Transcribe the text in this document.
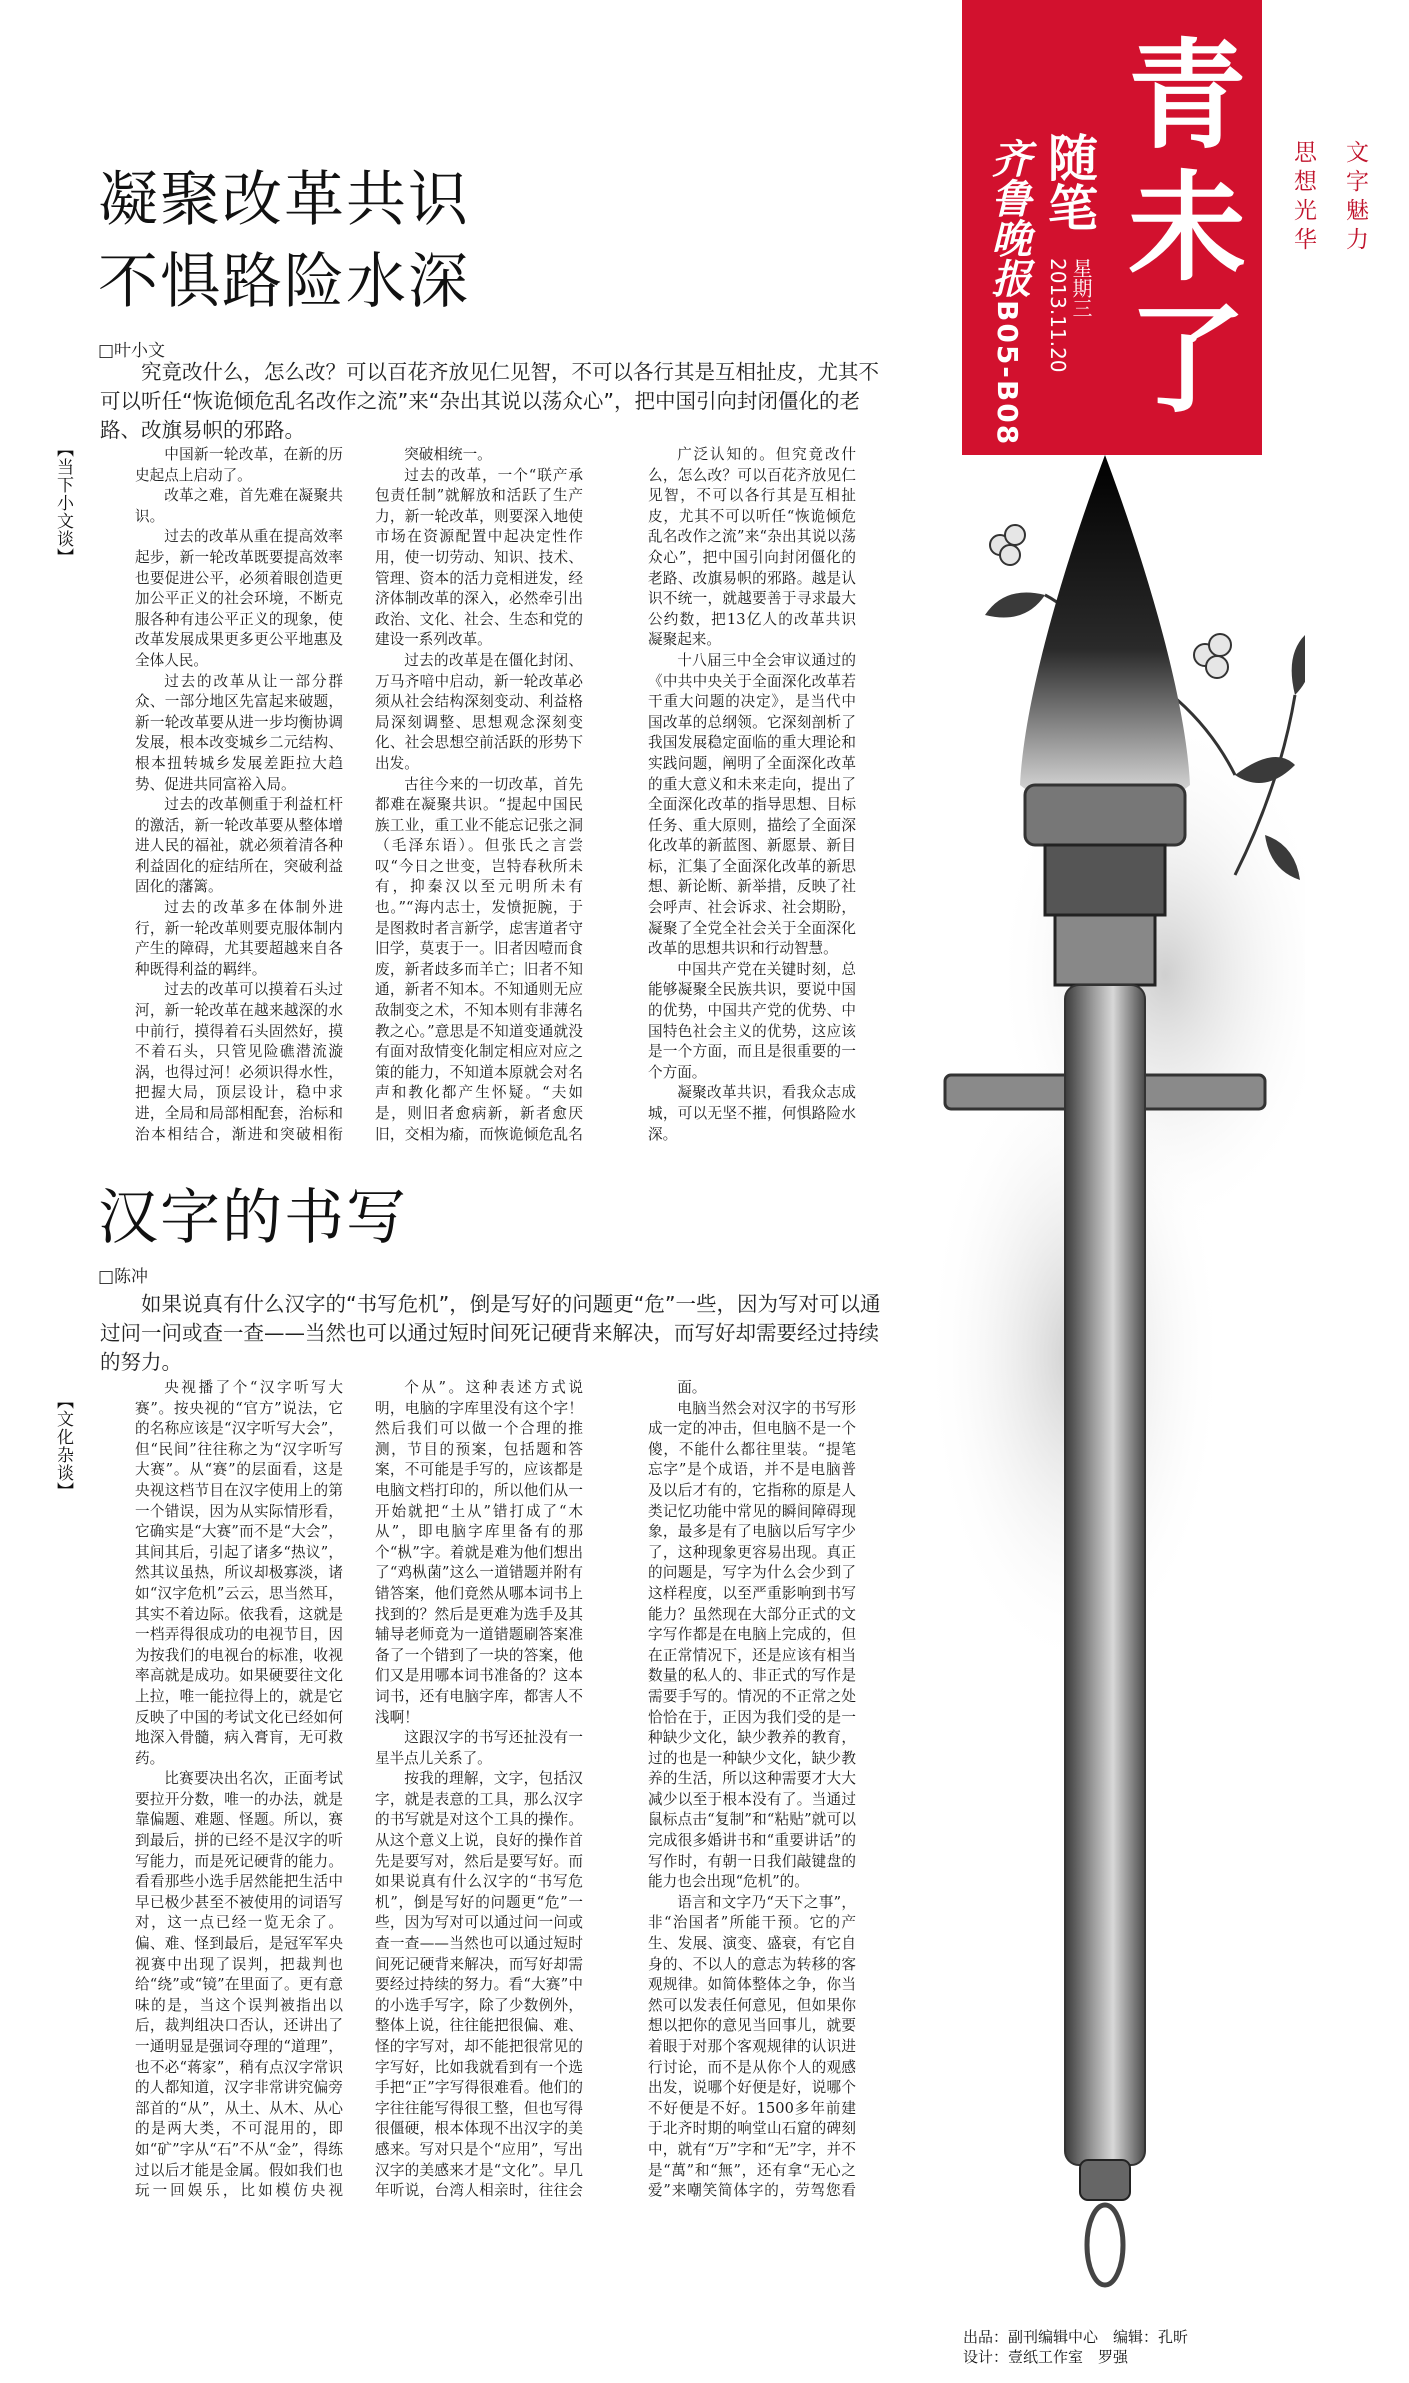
齐鲁晚报
B05-B08
随笔
星期三
2013.11.20
青未了
思想光华 文字魅力
凝聚改革共识
不惧路险水深
□叶小文
究竟改什么，怎么改？可以百花齐放见仁见智，不可以各行其是互相扯皮，尤其不可以听任“恢诡倾危乱名改作之流”来“杂出其说以荡众心”，把中国引向封闭僵化的老路、改旗易帜的邪路。
【当下小文谈】	中国新一轮改革，在新的历史起点上启动了。

改革之难，首先难在凝聚共识。

过去的改革从重在提高效率起步，新一轮改革既要提高效率也要促进公平，必须着眼创造更加公平正义的社会环境，不断克服各种有违公平正义的现象，使改革发展成果更多更公平地惠及全体人民。

过去的改革从让一部分群众、一部分地区先富起来破题，新一轮改革要从进一步均衡协调发展，根本改变城乡二元结构、根本扭转城乡发展差距拉大趋势、促进共同富裕入局。

过去的改革侧重于利益杠杆的激活，新一轮改革要从整体增进人民的福祉，就必须着清各种利益固化的症结所在，突破利益固化的藩篱。

过去的改革多在体制外进行，新一轮改革则要克服体制内产生的障碍，尤其要超越来自各种既得利益的羁绊。

过去的改革可以摸着石头过河，新一轮改革在越来越深的水中前行，摸得着石头固然好，摸不着石头，只管见险礁潜流漩涡，也得过河！必须识得水性，把握大局，顶层设计，稳中求进，全局和局部相配套，治标和治本相结合，渐进和突破相衔

突破相统一。

过去的改革，一个“联产承包责任制”就解放和活跃了生产力，新一轮改革，则要深入地使市场在资源配置中起决定性作用，使一切劳动、知识、技术、管理、资本的活力竞相迸发，经济体制改革的深入，必然牵引出政治、文化、社会、生态和党的建设一系列改革。

过去的改革是在僵化封闭、万马齐喑中启动，新一轮改革必须从社会结构深刻变动、利益格局深刻调整、思想观念深刻变化、社会思想空前活跃的形势下出发。

古往今来的一切改革，首先都难在凝聚共识。“提起中国民族工业，重工业不能忘记张之洞（毛泽东语）。但张氏之言尝叹“今日之世变，岂特春秋所未有，抑秦汉以至元明所未有也。”“海内志士，发愤扼腕，于是图救时者言新学，虑害道者守旧学，莫衷于一。旧者因噎而食废，新者歧多而羊亡；旧者不知通，新者不知本。不知通则无应敌制变之术，不知本则有非薄名教之心。”意思是不知道变通就没有面对敌情变化制定相应对应之策的能力，不知道本原就会对名声和教化都产生怀疑。“夫如是，则旧者愈病新，新者愈厌旧，交相为瘉，而恢诡倾危乱名

广泛认知的。但究竟改什么，怎么改？可以百花齐放见仁见智，不可以各行其是互相扯皮，尤其不可以听任“恢诡倾危乱名改作之流”来“杂出其说以荡众心”，把中国引向封闭僵化的老路、改旗易帜的邪路。越是认识不统一，就越要善于寻求最大公约数，把13亿人的改革共识凝聚起来。

十八届三中全会审议通过的《中共中央关于全面深化改革若干重大问题的决定》，是当代中国改革的总纲领。它深刻剖析了我国发展稳定面临的重大理论和实践问题，阐明了全面深化改革的重大意义和未来走向，提出了全面深化改革的指导思想、目标任务、重大原则，描绘了全面深化改革的新蓝图、新愿景、新目标，汇集了全面深化改革的新思想、新论断、新举措，反映了社会呼声、社会诉求、社会期盼，凝聚了全党全社会关于全面深化改革的思想共识和行动智慧。

中国共产党在关键时刻，总能够凝聚全民族共识，要说中国的优势，中国共产党的优势、中国特色社会主义的优势，这应该是一个方面，而且是很重要的一个方面。

凝聚改革共识，看我众志成城，可以无坚不摧，何惧路险水深。

汉字的书写
□陈冲
如果说真有什么汉字的“书写危机”，倒是写好的问题更“危”一些，因为写对可以通过问一问或查一查——当然也可以通过短时间死记硬背来解决，而写好却需要经过持续的努力。
【文化杂谈】

央视播了个“汉字听写大赛”。按央视的“官方”说法，它的名称应该是“汉字听写大会”，但“民间”往往称之为“汉字听写大赛”。从“赛”的层面看，这是央视这档节目在汉字使用上的第一个错误，因为从实际情形看，它确实是“大赛”而不是“大会”，其间其后，引起了诸多“热议”，然其议虽热，所议却极寡淡，诸如“汉字危机”云云，思当然耳，其实不着边际。依我看，这就是一档弄得很成功的电视节目，因为按我们的电视台的标准，收视率高就是成功。如果硬要往文化上拉，唯一能拉得上的，就是它反映了中国的考试文化已经如何地深入骨髓，病入膏肓，无可救药。

比赛要决出名次，正面考试要拉开分数，唯一的办法，就是靠偏题、难题、怪题。所以，赛到最后，拼的已经不是汉字的听写能力，而是死记硬背的能力。看看那些小选手居然能把生活中早已极少甚至不被使用的词语写对，这一点已经一览无余了。偏、难、怪到最后，是冠军军央视赛中出现了误判，把裁判也给“绕”或“镜”在里面了。更有意味的是，当这个误判被指出以后，裁判组决口否认，还讲出了一通明显是强词夺理的“道理”，也不必“蒋家”，稍有点汉字常识的人都知道，汉字非常讲究偏旁部首的“从”，从土、从木、从心的是两大类，不可混用的，即如“矿”字从“石”不从“金”，得练过以后才能是金属。假如我们也玩一回娱乐，比如模仿央视

个从”。这种表述方式说明，电脑的字库里没有这个字！然后我们可以做一个合理的推测，节目的预案，包括题和答案，不可能是手写的，应该都是电脑文档打印的，所以他们从一开始就把“土从”错打成了“木从”，即电脑字库里备有的那个“枞”字。着就是难为他们想出了“鸡枞菌”这么一道错题并附有错答案，他们竟然从哪本词书上找到的？然后是更难为选手及其辅导老师竟为一道错题刷答案准备了一个错到了一块的答案，他们又是用哪本词书准备的？这本词书，还有电脑字库，都害人不浅啊！

这跟汉字的书写还扯没有一星半点儿关系了。

按我的理解，文字，包括汉字，就是表意的工具，那么汉字的书写就是对这个工具的操作。从这个意义上说，良好的操作首先是要写对，然后是要写好。而如果说真有什么汉字的“书写危机”，倒是写好的问题更“危”一些，因为写对可以通过问一问或查一查——当然也可以通过短时间死记硬背来解决，而写好却需要经过持续的努力。看“大赛”中的小选手写字，除了少数例外，整体上说，往往能把很偏、难、怪的字写对，却不能把很常见的字写好，比如我就看到有一个选手把“正”字写得很难看。他们的字往往能写得很工整，但也写得很僵硬，根本体现不出汉字的美感来。写对只是个“应用”，写出汉字的美感来才是“文化”。早几年听说，台湾人相亲时，往往会

面。

电脑当然会对汉字的书写形成一定的冲击，但电脑不是一个傻，不能什么都往里装。“提笔忘字”是个成语，并不是电脑普及以后才有的，它指称的原是人类记忆功能中常见的瞬间障碍现象，最多是有了电脑以后写字少了，这种现象更容易出现。真正的问题是，写字为什么会少到了这样程度，以至严重影响到书写能力？虽然现在大部分正式的文字写作都是在电脑上完成的，但在正常情况下，还是应该有相当数量的私人的、非正式的写作是需要手写的。情况的不正常之处恰恰在于，正因为我们受的是一种缺少文化，缺少教养的教育，过的也是一种缺少文化，缺少教养的生活，所以这种需要才大大减少以至于根本没有了。当通过鼠标点击“复制”和“粘贴”就可以完成很多婚讲书和“重要讲话”的写作时，有朝一日我们敲键盘的能力也会出现“危机”的。

语言和文字乃“天下之事”，非“治国者”所能干预。它的产生、发展、演变、盛衰，有它自身的、不以人的意志为转移的客观规律。如简体整体之争，你当然可以发表任何意见，但如果你想以把你的意见当回事儿，就要着眼于对那个客观规律的认识进行讨论，而不是从你个人的观感出发，说哪个好便是好，说哪个不好便是不好。1500多年前建于北齐时期的响堂山石窟的碑刻中，就有“万”字和“无”字，并不是“萬”和“無”，还有拿“无心之爱”来嘲笑简体字的，劳驾您看

出品：副刊编辑中心　编辑：孔昕
设计：壹纸工作室　罗强
